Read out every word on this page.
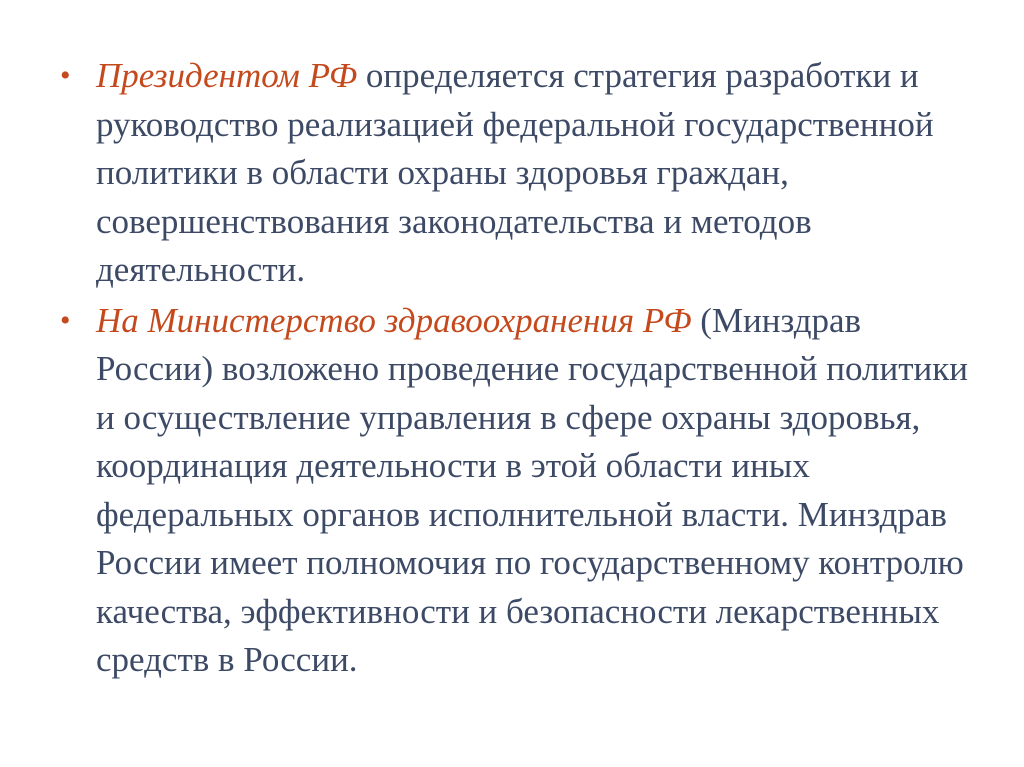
• Президентом РФ определяется стратегия разработки и руководство реализацией федеральной государственной политики в области охраны здоровья граждан, совершенствования законодательства и методов деятельности.
• На Министерство здравоохранения РФ (Минздрав России) возложено проведение государственной политики и осуществление управления в сфере охраны здоровья, координация деятельности в этой области иных федеральных органов исполнительной власти. Минздрав России имеет полномочия по государственному контролю качества, эффективности и безопасности лекарственных средств в России.
